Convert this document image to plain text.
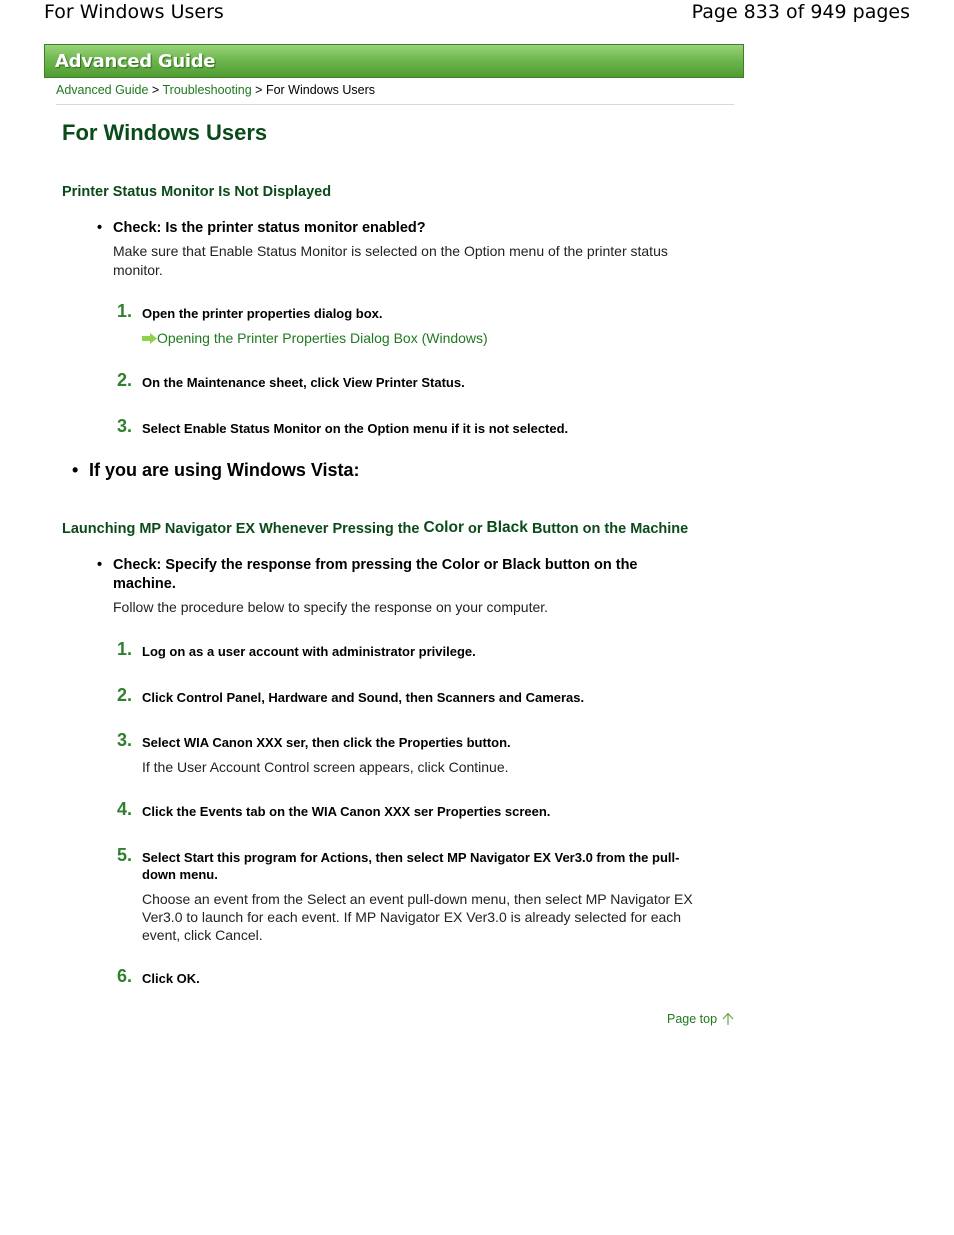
For Windows Users	Page 833 of 949 pages
Advanced Guide
Advanced Guide > Troubleshooting > For Windows Users
For Windows Users
Printer Status Monitor Is Not Displayed
• Check: Is the printer status monitor enabled?
Make sure that Enable Status Monitor is selected on the Option menu of the printer status monitor.
1. Open the printer properties dialog box.
Opening the Printer Properties Dialog Box (Windows)
2. On the Maintenance sheet, click View Printer Status.
3. Select Enable Status Monitor on the Option menu if it is not selected.
• If you are using Windows Vista:
Launching MP Navigator EX Whenever Pressing the Color or Black Button on the Machine
• Check: Specify the response from pressing the Color or Black button on the machine.
Follow the procedure below to specify the response on your computer.
1. Log on as a user account with administrator privilege.
2. Click Control Panel, Hardware and Sound, then Scanners and Cameras.
3. Select WIA Canon XXX ser, then click the Properties button.
If the User Account Control screen appears, click Continue.
4. Click the Events tab on the WIA Canon XXX ser Properties screen.
5. Select Start this program for Actions, then select MP Navigator EX Ver3.0 from the pull-down menu.
Choose an event from the Select an event pull-down menu, then select MP Navigator EX Ver3.0 to launch for each event. If MP Navigator EX Ver3.0 is already selected for each event, click Cancel.
6. Click OK.
Page top
